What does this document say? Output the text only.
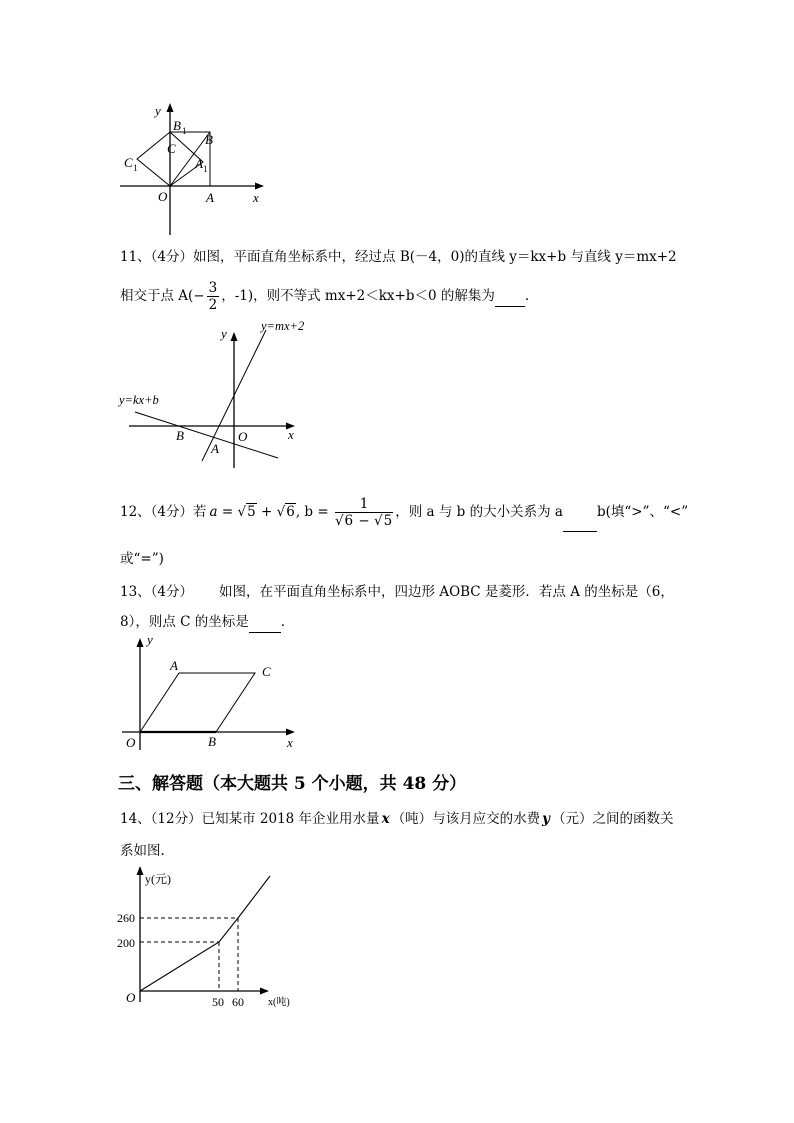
y
B 1
B
C
C 1	A 1
O	A	x
11、（4分）如图，平面直角坐标系中，经过点 B(－4，0)的直线 y＝kx+b 与直线 y＝mx+2
相交于点 $A(- \frac{3}{2}$ ，-1)，则不等式 mx+2＜kx+b＜0 的解集为 .
y	y=mx+2
y=kx+b
B	O	x
A
12、（4分）若 a = √5 + √6, $b = \frac{1}{√6 - √5}$ ，则 a 与 b 的大小关系为 a	b(填“>”、“<”
或“=”)
13、（4分） 如图，在平面直角坐标系中，四边形 AOBC 是菱形．若点 A 的坐标是（6，
8），则点 C 的坐标是 .
y
A	C
O	B	x
三、解答题（本大题共 5 个小题，共 48 分）
14、（12分）已知某市 2018 年企业用水量 x （吨）与该月应交的水费 y （元）之间的函数关
系如图.
y(元)
260
200
O	50 60 x(吨)
